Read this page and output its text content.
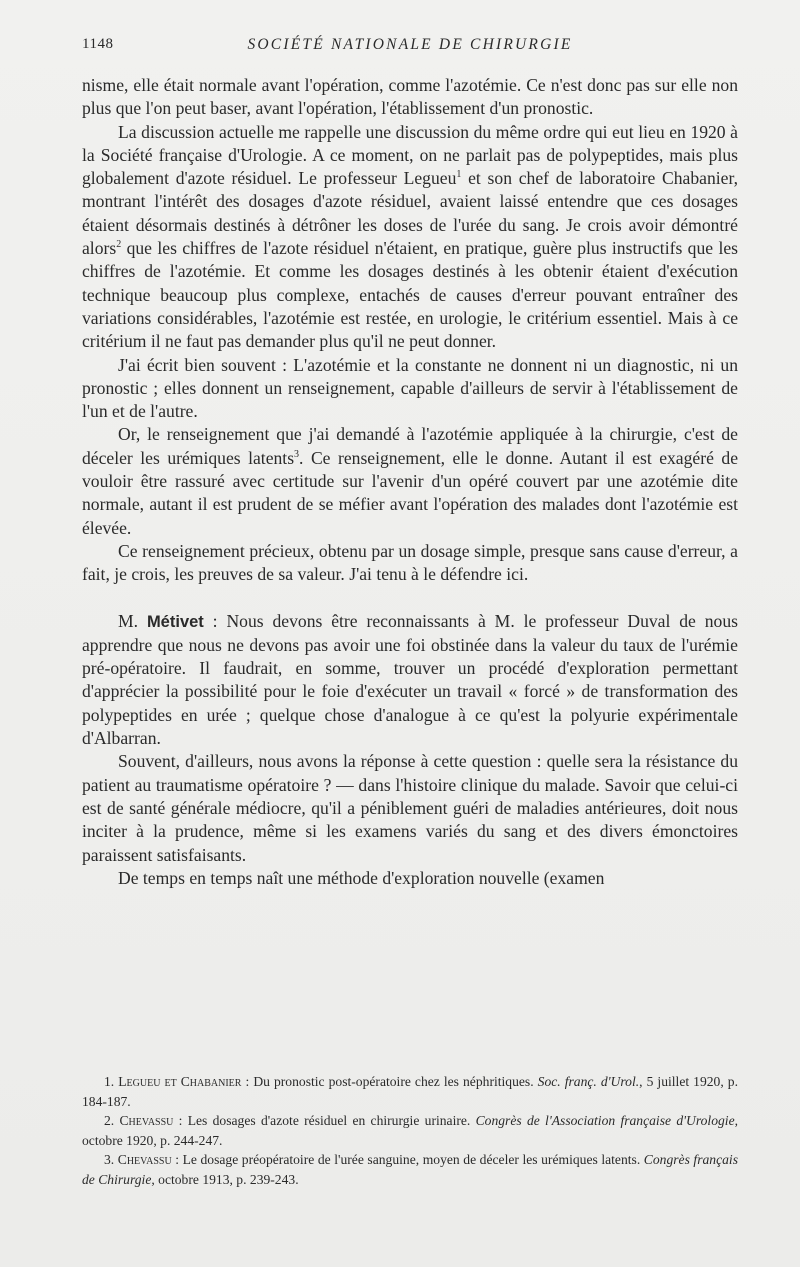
1148	SOCIÉTÉ NATIONALE DE CHIRURGIE

nisme, elle était normale avant l'opération, comme l'azotémie. Ce n'est donc pas sur elle non plus que l'on peut baser, avant l'opération, l'établissement d'un pronostic.

La discussion actuelle me rappelle une discussion du même ordre qui eut lieu en 1920 à la Société française d'Urologie. A ce moment, on ne parlait pas de polypeptides, mais plus globalement d'azote résiduel. Le professeur Legueu$^1$ et son chef de laboratoire Chabanier, montrant l'intérêt des dosages d'azote résiduel, avaient laissé entendre que ces dosages étaient désormais destinés à détrôner les doses de l'urée du sang. Je crois avoir démontré alors$^2$ que les chiffres de l'azote résiduel n'étaient, en pratique, guère plus instructifs que les chiffres de l'azotémie. Et comme les dosages destinés à les obtenir étaient d'exécution technique beaucoup plus complexe, entachés de causes d'erreur pouvant entraîner des variations considérables, l'azotémie est restée, en urologie, le critérium essentiel. Mais à ce critérium il ne faut pas demander plus qu'il ne peut donner.

J'ai écrit bien souvent : L'azotémie et la constante ne donnent ni un diagnostic, ni un pronostic ; elles donnent un renseignement, capable d'ailleurs de servir à l'établissement de l'un et de l'autre.

Or, le renseignement que j'ai demandé à l'azotémie appliquée à la chirurgie, c'est de déceler les urémiques latents$^3$. Ce renseignement, elle le donne. Autant il est exagéré de vouloir être rassuré avec certitude sur l'avenir d'un opéré couvert par une azotémie dite normale, autant il est prudent de se méfier avant l'opération des malades dont l'azotémie est élevée.

Ce renseignement précieux, obtenu par un dosage simple, presque sans cause d'erreur, a fait, je crois, les preuves de sa valeur. J'ai tenu à le défendre ici.

M. Métivet : Nous devons être reconnaissants à M. le professeur Duval de nous apprendre que nous ne devons pas avoir une foi obstinée dans la valeur du taux de l'urémie pré-opératoire. Il faudrait, en somme, trouver un procédé d'exploration permettant d'apprécier la possibilité pour le foie d'exécuter un travail « forcé » de transformation des polypeptides en urée ; quelque chose d'analogue à ce qu'est la polyurie expérimentale d'Albarran.

Souvent, d'ailleurs, nous avons la réponse à cette question : quelle sera la résistance du patient au traumatisme opératoire ? — dans l'histoire clinique du malade. Savoir que celui-ci est de santé générale médiocre, qu'il a péniblement guéri de maladies antérieures, doit nous inciter à la prudence, même si les examens variés du sang et des divers émonctoires paraissent satisfaisants.

De temps en temps naît une méthode d'exploration nouvelle (examen

1. Legueu et Chabanier : Du pronostic post-opératoire chez les néphritiques. Soc. franç. d'Urol., 5 juillet 1920, p. 184-187.

2. Chevassu : Les dosages d'azote résiduel en chirurgie urinaire. Congrès de l'Association française d'Urologie, octobre 1920, p. 244-247.

3. Chevassu : Le dosage préopératoire de l'urée sanguine, moyen de déceler les urémiques latents. Congrès français de Chirurgie, octobre 1913, p. 239-243.
